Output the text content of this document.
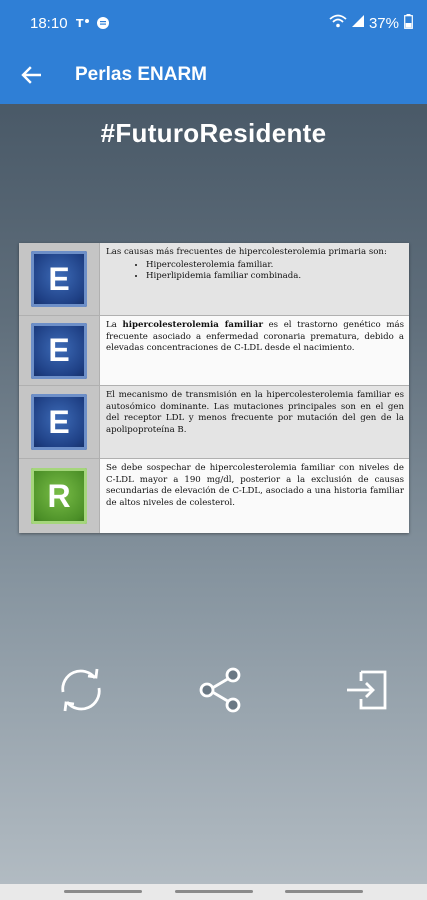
18:10 T	37%
Perlas ENARM
#FuturoResidente
E
Las causas más frecuentes de hipercolesterolemia primaria son:
• Hipercolesterolemia familiar.
• Hiperlipidemia familiar combinada.
E
La hipercolesterolemia familiar es el trastorno genético más frecuente asociado a enfermedad coronaria prematura, debido a elevadas concentraciones de C-LDL desde el nacimiento.
E
El mecanismo de transmisión en la hipercolesterolemia familiar es autosómico dominante. Las mutaciones principales son en el gen del receptor LDL y menos frecuente por mutación del gen de la apolipoproteína B.
R
Se debe sospechar de hipercolesterolemia familiar con niveles de C-LDL mayor a 190 mg/dl, posterior a la exclusión de causas secundarias de elevación de C-LDL, asociado a una historia familiar de altos niveles de colesterol.
